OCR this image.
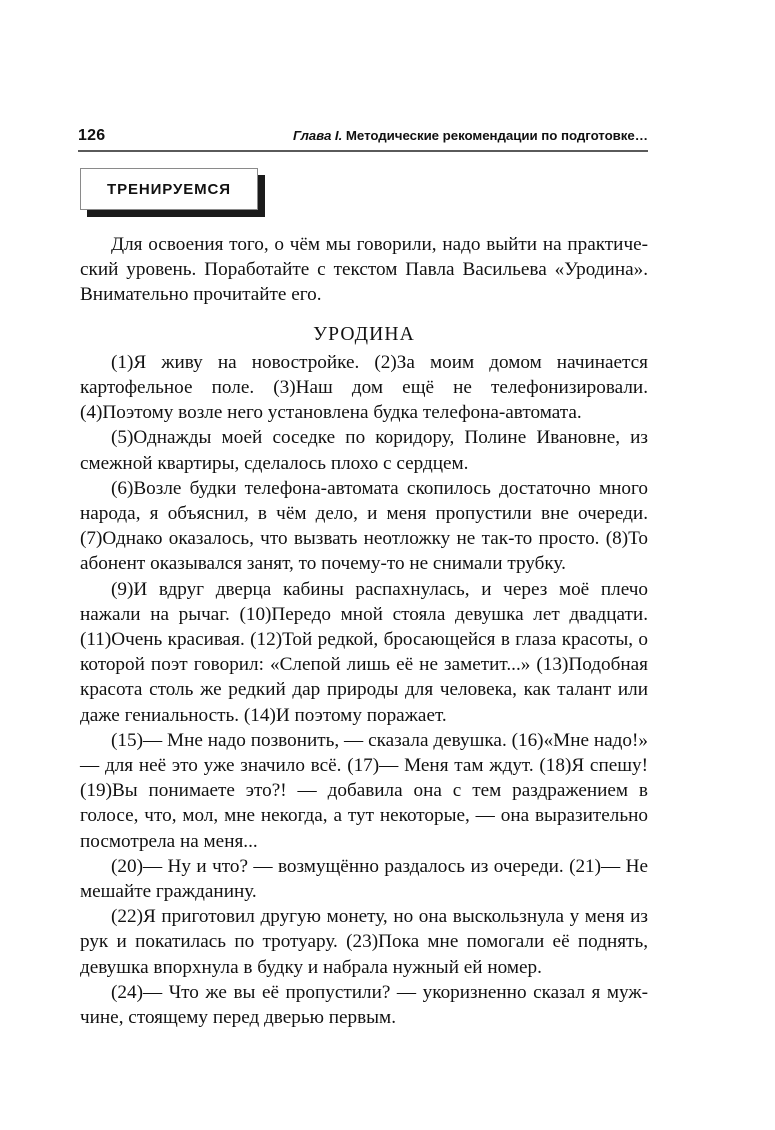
126	Глава I. Методические рекомендации по подготовке…
ТРЕНИРУЕМСЯ

Для освоения того, о чём мы говорили, надо выйти на практический уровень. Поработайте с текстом Павла Васильева «Уродина». Внимательно прочитайте его.

УРОДИНА

(1)Я живу на новостройке. (2)За моим домом начинается картофельное поле. (3)Наш дом ещё не телефонизировали. (4)Поэтому возле него установлена будка телефона-автомата.

(5)Однажды моей соседке по коридору, Полине Ивановне, из смежной квартиры, сделалось плохо с сердцем.

(6)Возле будки телефона-автомата скопилось достаточно много народа, я объяснил, в чём дело, и меня пропустили вне очереди. (7)Однако оказалось, что вызвать неотложку не так-то просто. (8)То абонент оказывался занят, то почему-то не снимали трубку.

(9)И вдруг дверца кабины распахнулась, и через моё плечо нажали на рычаг. (10)Передо мной стояла девушка лет двадцати. (11)Очень красивая. (12)Той редкой, бросающейся в глаза красоты, о которой поэт говорил: «Слепой лишь её не заметит...» (13)Подобная красота столь же редкий дар природы для человека, как талант или даже гениальность. (14)И поэтому поражает.

(15)— Мне надо позвонить, — сказала девушка. (16)«Мне надо!» — для неё это уже значило всё. (17)— Меня там ждут. (18)Я спешу! (19)Вы понимаете это?! — добавила она с тем раздражением в голосе, что, мол, мне некогда, а тут некоторые, — она выразительно посмотрела на меня...

(20)— Ну и что? — возмущённо раздалось из очереди. (21)— Не мешайте гражданину.

(22)Я приготовил другую монету, но она выскользнула у меня из рук и покатилась по тротуару. (23)Пока мне помогали её поднять, девушка впорхнула в будку и набрала нужный ей номер.

(24)— Что же вы её пропустили? — укоризненно сказал я мужчине, стоящему перед дверью первым.
